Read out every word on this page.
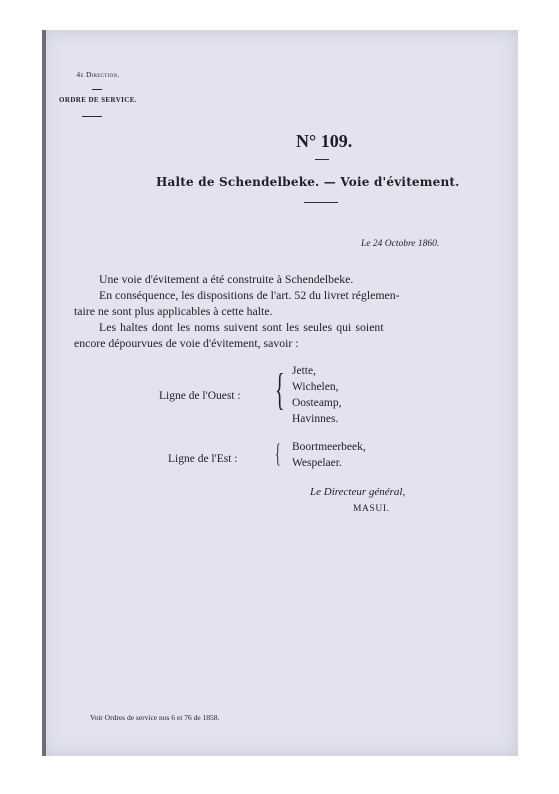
4e Direction.
ORDRE DE SERVICE.
N° 109.
Halte de Schendelbeke. — Voie d'évitement.
Le 24 Octobre 1860.
Une voie d'évitement a été construite à Schendelbeke.
En conséquence, les dispositions de l'art. 52 du livret réglemen-
taire ne sont plus applicables à cette halte.
Les haltes dont les noms suivent sont les seules qui soient
encore dépourvues de voie d'évitement, savoir :
Ligne de l'Ouest : { Jette,
Wichelen,
Oosteamp,
Havinnes.
Ligne de l'Est : { Boortmeerbeek,
Wespelaer.
Le Directeur général,
MASUI.
Voir Ordres de service nos 6 et 76 de 1858.
